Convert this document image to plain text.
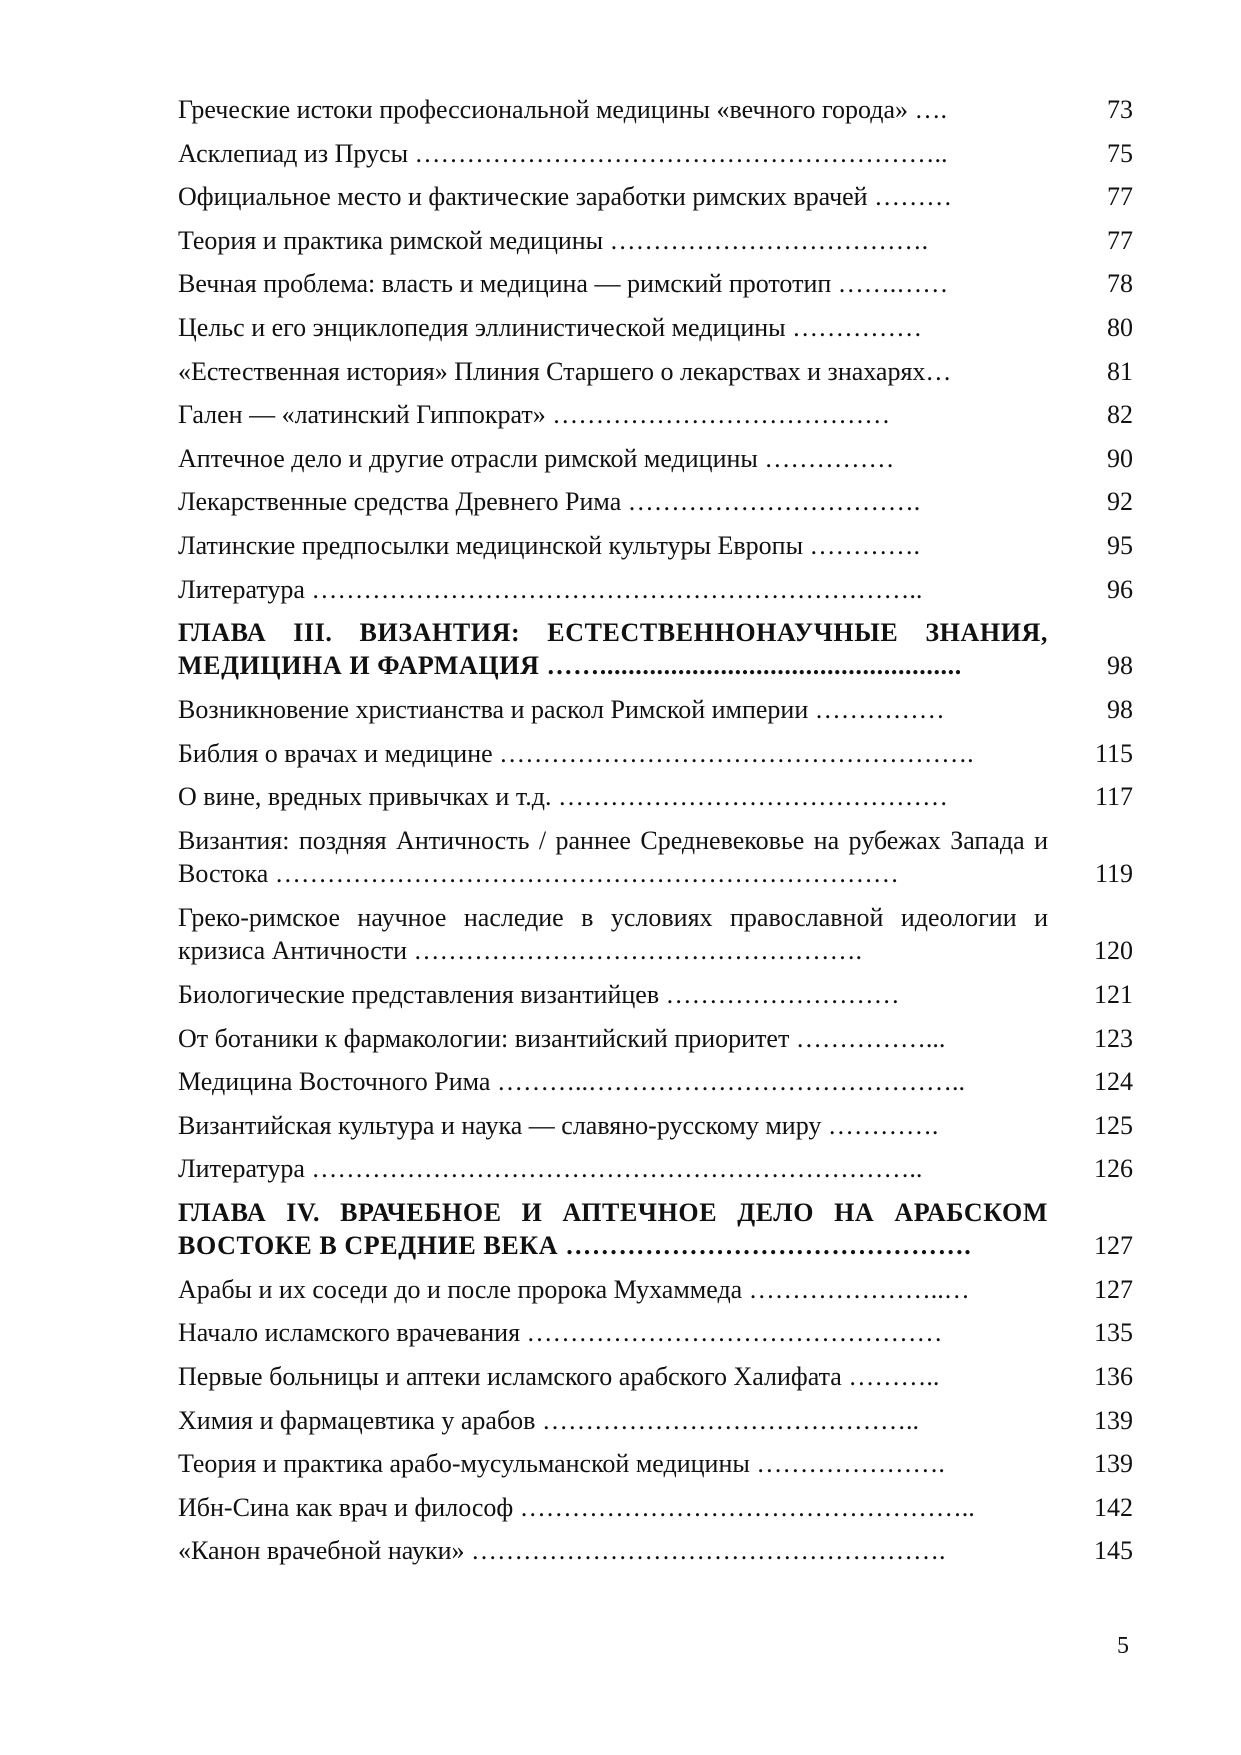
Греческие истоки профессиональной медицины «вечного города» ….	73
Асклепиад из Прусы ……………………………………………………..	75
Официальное место и фактические заработки римских врачей ………	77
Теория и практика римской медицины ……………………………….	77
Вечная проблема: власть и медицина — римский прототип …….……	78
Цельс и его энциклопедия эллинистической медицины ……………	80
«Естественная история» Плиния Старшего о лекарствах и знахарях…	81
Гален — «латинский Гиппократ» …………………………………	82
Аптечное дело и другие отрасли римской медицины ……………	90
Лекарственные средства Древнего Рима …………………………….	92
Латинские предпосылки медицинской культуры Европы ………….	95
Литература ……………………………………………………………..	96
ГЛАВА III. ВИЗАНТИЯ: ЕСТЕСТВЕННОНАУЧНЫЕ ЗНАНИЯ, МЕДИЦИНА И ФАРМАЦИЯ ……...................................................	98
Возникновение христианства и раскол Римской империи ……………	98
Библия о врачах и медицине ……………………………………………….	115
О вине, вредных привычках и т.д. ………………………………………	117
Византия: поздняя Античность / раннее Средневековье на рубежах Запада и Востока ………………………………………………………………	119
Греко-римское научное наследие в условиях православной идеологии и кризиса Античности …………………………………………….	120
Биологические представления византийцев ………………………	121
От ботаники к фармакологии: византийский приоритет ……………...	123
Медицина Восточного Рима ………..……………………………………..	124
Византийская культура и наука — славяно-русскому миру ………….	125
Литература ……………………………………………………………..	126
ГЛАВА IV. ВРАЧЕБНОЕ И АПТЕЧНОЕ ДЕЛО НА АРАБСКОМ ВОСТОКЕ В СРЕДНИЕ ВЕКА ……………………………………….	127
Арабы и их соседи до и после пророка Мухаммеда …………………..…	127
Начало исламского врачевания …………………………………………	135
Первые больницы и аптеки исламского арабского Халифата ………..	136
Химия и фармацевтика у арабов ……………………………………..	139
Теория и практика арабо-мусульманской медицины ………………….	139
Ибн-Сина как врач и философ ……………………………………………..	142
«Канон врачебной науки» ……………………………………………….	145
5
